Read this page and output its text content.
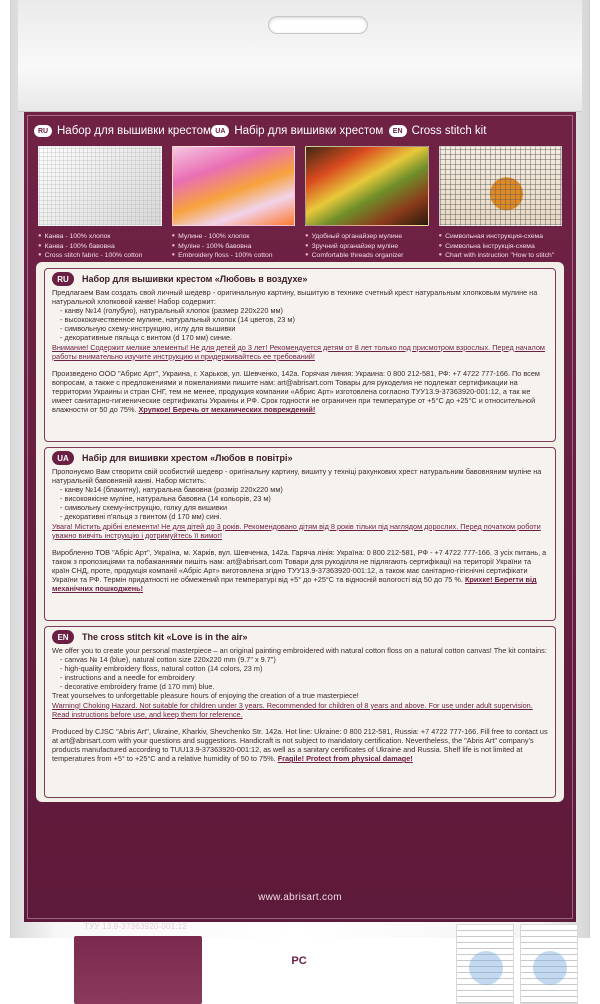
RU Набор для вышивки крестом UA Набір для вишивки хрестом	EN Cross stitch kit
● Канва - 100% хлопок
● Канва - 100% бавовна
● Cross stitch fabric - 100% cotton
● Мулине - 100% хлопок
● Муліне - 100% бавовна
● Embroidery floss - 100% cotton
● Удобный органайзер мулине
● Зручний органайзер муліне
● Comfortable threads organizer
● Символьная инструкция-схема
● Символьна інструкція-схема
● Chart with instruction "How to stitch"
ТУУ 13.9-37363920-001:12
PC
0-3
RU	Набор для вышивки крестом «Любовь в воздухе»

Предлагаем Вам создать свой личный шедевр - оригинальную картину, вышитую в технике счетный крест натуральным хлопковым мулине на натуральной хлопковой канве! Набор содержит:

- канву №14 (голубую), натуральный хлопок (размер 220х220 мм)

- высококачественное мулине, натуральный хлопок (14 цветов, 23 м)

- символьную схему-инструкцию, иглу для вышивки

- декоративные пяльца с винтом (d 170 мм) синие.

Внимание! Содержит мелкие элементы! Не для детей до 3 лет! Рекомендуется детям от 8 лет только под присмотром взрослых. Перед началом работы внимательно изучите инструкцию и придерживайтесь ее требований!

Произведено ООО "Абрис Арт", Украина, г. Харьков, ул. Шевченко, 142а. Горячая линия: Украина: 0 800 212-581, РФ: +7 4722 777-166. По всем вопросам, а также с предложениями и пожеланиями пишите нам: art@abrisart.com Товары для рукоделия не подлежат сертификации на территории Украины и стран СНГ, тем не менее, продукция компании «Абрис Арт» изготовлена согласно ТУУ13.9-37363920-001:12, а так же имеет санитарно-гигиенические сертификаты Украины и РФ. Срок годности не ограничен при температуре от +5°С до +25°С и относительной влажности от 50 до 75%. Хрупкое! Беречь от механических повреждений!

UA	Набір для вишивки хрестом «Любов в повітрі»

Пропонуємо Вам створити свій особистий шедевр - оригінальну картину, вишиту у техніці рахункових хрест натуральним бавовняним муліне на натуральній бавовняній канві. Набор містить:

- канву №14 (блакитну), натуральна бавовна (розмір 220х220 мм)

- високоякісне муліне, натуральна бавовна (14 кольорів, 23 м)

- символьну схему-інструкцію, голку для вишивки

- декоративні п'яльця з гвинтом (d 170 мм) сині.

Увага! Містить дрібні елементи! Не для дітей до 3 років. Рекомендовано дітям від 8 років тільки під наглядом дорослих. Перед початком роботи уважно вивчіть інструкцію і дотримуйтесь її вимог!

Виробленно ТОВ "Абріс Арт", Україна, м. Харків, вул. Шевченка, 142а. Гаряча лінія: Україна: 0 800 212-581, РФ - +7 4722 777-166. З усіх питань, а також з пропозиціями та побажаннями пишіть нам: art@abrisart.com Товари для рукоділля не підлягають сертифікації на території України та країн СНД, проте, продукція компанії «Абріс Арт» виготовлена згідно ТУУ13.9-37363920-001:12, а також має санітарно-гігієнічні сертифікати України та РФ. Термін придатності не обмежений при температурі від +5° до +25°С та відносній вологості від 50 до 75 %. Крихке! Берегти від механічних пошкоджень!

EN	The cross stitch kit «Love is in the air»

We offer you to create your personal masterpiece – an original painting embroidered with natural cotton floss on a natural cotton canvas! The kit contains:

- canvas № 14 (blue), natural cotton size 220x220 mm (9.7" x 9.7")

- high-quality embroidery floss, natural cotton (14 colors, 23 m)

- instructions and a needle for embroidery

- decorative embroidery frame (d 170 mm) blue.

Treat yourselves to unforgettable pleasure hours of enjoying the creation of a true masterpiece!

Warning! Choking Hazard. Not suitable for children under 3 years. Recommended for children of 8 years and above. For use under adult supervision. Read instructions before use, and keep them for reference.

Produced by CJSC "Abris Art", Ukraine, Kharkiv, Shevchenko Str. 142a. Hot line: Ukraine: 0 800 212-581, Russia: +7 4722 777-166. Fill free to contact us at art@abrisart.com with your questions and suggestions. Handicraft is not subject to mandatory certification. Nevertheless, the "Abris Art" company's products manufactured according to TUU13.9-37363920-001:12, as well as a sanitary certificates of Ukraine and Russia. Shelf life is not limited at temperatures from +5° to +25°C and a relative humidity of 50 to 75%. Fragile! Protect from physical damage!

www.abrisart.com
